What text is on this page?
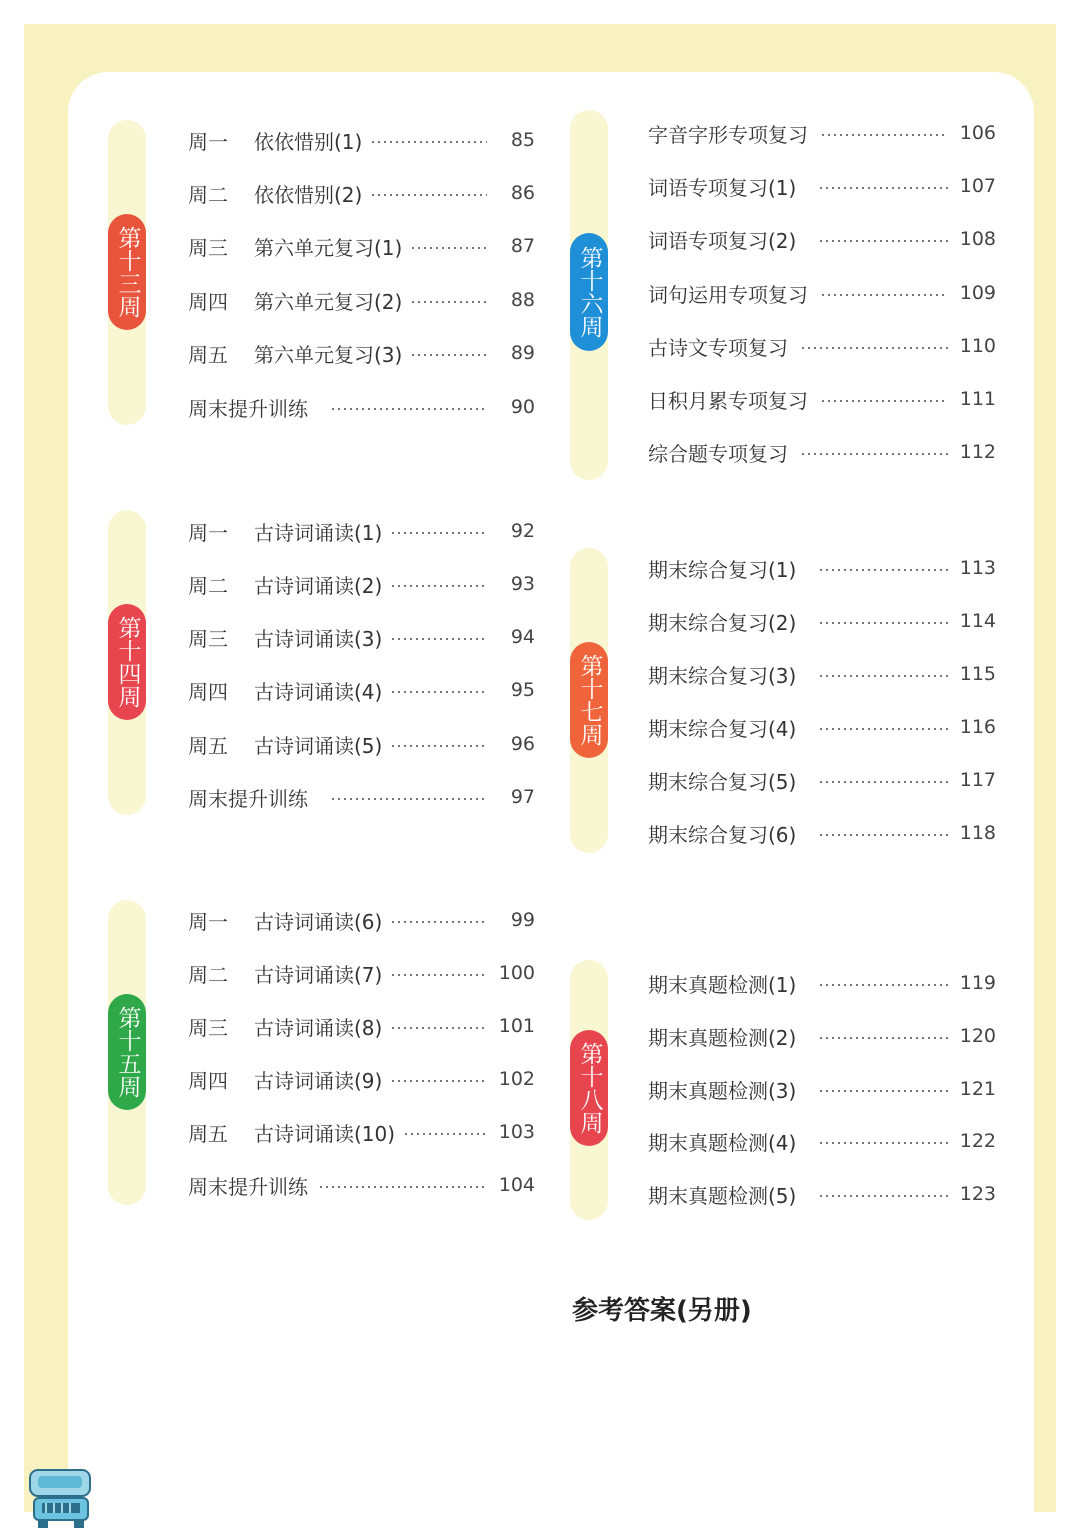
第十三周
第十四周
第十五周
第十六周
第十七周
第十八周
周一	依依惜别(1)	85
周二	依依惜别(2)	86
周三	第六单元复习(1)	87
周四	第六单元复习(2)	88
周五	第六单元复习(3)	89
周末提升训练	90
周一	古诗词诵读(1)	92
周二	古诗词诵读(2)	93
周三	古诗词诵读(3)	94
周四	古诗词诵读(4)	95
周五	古诗词诵读(5)	96
周末提升训练	97
周一	古诗词诵读(6)	99
周二	古诗词诵读(7)	100
周三	古诗词诵读(8)	101
周四	古诗词诵读(9)	102
周五	古诗词诵读(10)	103
周末提升训练	104
字音字形专项复习	106
词语专项复习(1)	107
词语专项复习(2)	108
词句运用专项复习	109
古诗文专项复习	110
日积月累专项复习	111
综合题专项复习	112
期末综合复习(1)	113
期末综合复习(2)	114
期末综合复习(3)	115
期末综合复习(4)	116
期末综合复习(5)	117
期末综合复习(6)	118
期末真题检测(1)	119
期末真题检测(2)	120
期末真题检测(3)	121
期末真题检测(4)	122
期末真题检测(5)	123
参考答案(另册)
